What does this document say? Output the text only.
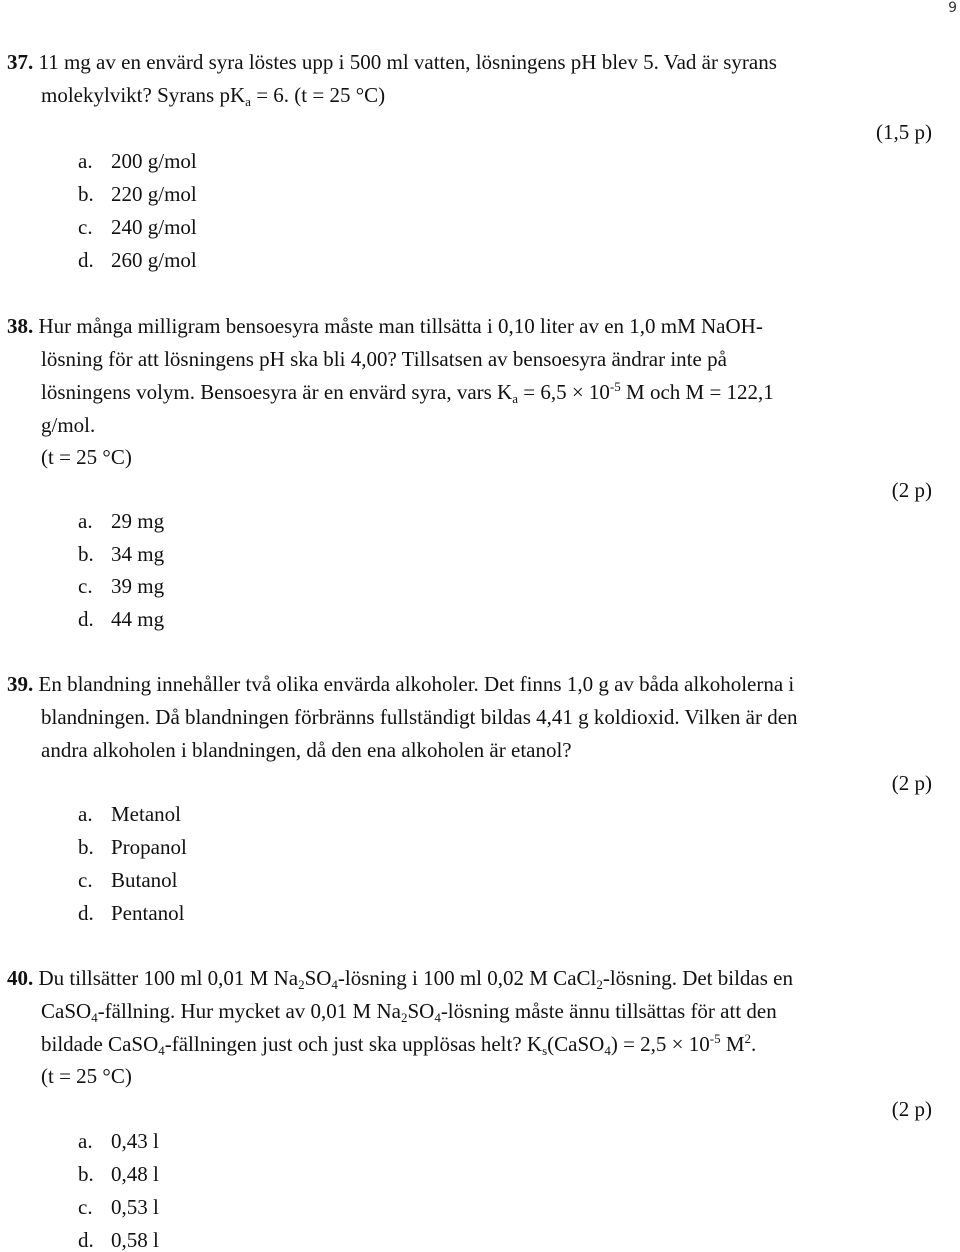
9
37. 11 mg av en envärd syra löstes upp i 500 ml vatten, lösningens pH blev 5. Vad är syrans
molekylvikt? Syrans $pK_a = 6$. (t = 25 °C)
(1,5 p)
a. 200 g/mol
b. 220 g/mol
c. 240 g/mol
d. 260 g/mol
38. Hur många milligram bensoesyra måste man tillsätta i 0,10 liter av en 1,0 mM NaOH-
lösning för att lösningens pH ska bli 4,00? Tillsatsen av bensoesyra ändrar inte på
lösningens volym. Bensoesyra är en envärd syra, vars $K_a = 6,5 \times 10^{-5}$ M och M = 122,1
g/mol.
(t = 25 °C)
(2 p)
a. 29 mg
b. 34 mg
c. 39 mg
d. 44 mg
39. En blandning innehåller två olika envärda alkoholer. Det finns 1,0 g av båda alkoholerna i
blandningen. Då blandningen förbränns fullständigt bildas 4,41 g koldioxid. Vilken är den
andra alkoholen i blandningen, då den ena alkoholen är etanol?
(2 p)
a. Metanol
b. Propanol
c. Butanol
d. Pentanol
40. Du tillsätter 100 ml 0,01 M $Na_2SO_4$-lösning i 100 ml 0,02 M CaCl$_2$-lösning. Det bildas en
CaSO$_4$-fällning. Hur mycket av 0,01 M $Na_2SO_4$-lösning måste ännu tillsättas för att den
bildade CaSO$_4$-fällningen just och just ska upplösas helt? $K_s(CaSO_4) = 2,5 \times 10^{-5}$ $M^2$.
(t = 25 °C)
(2 p)
a. 0,43 l
b. 0,48 l
c. 0,53 l
d. 0,58 l
